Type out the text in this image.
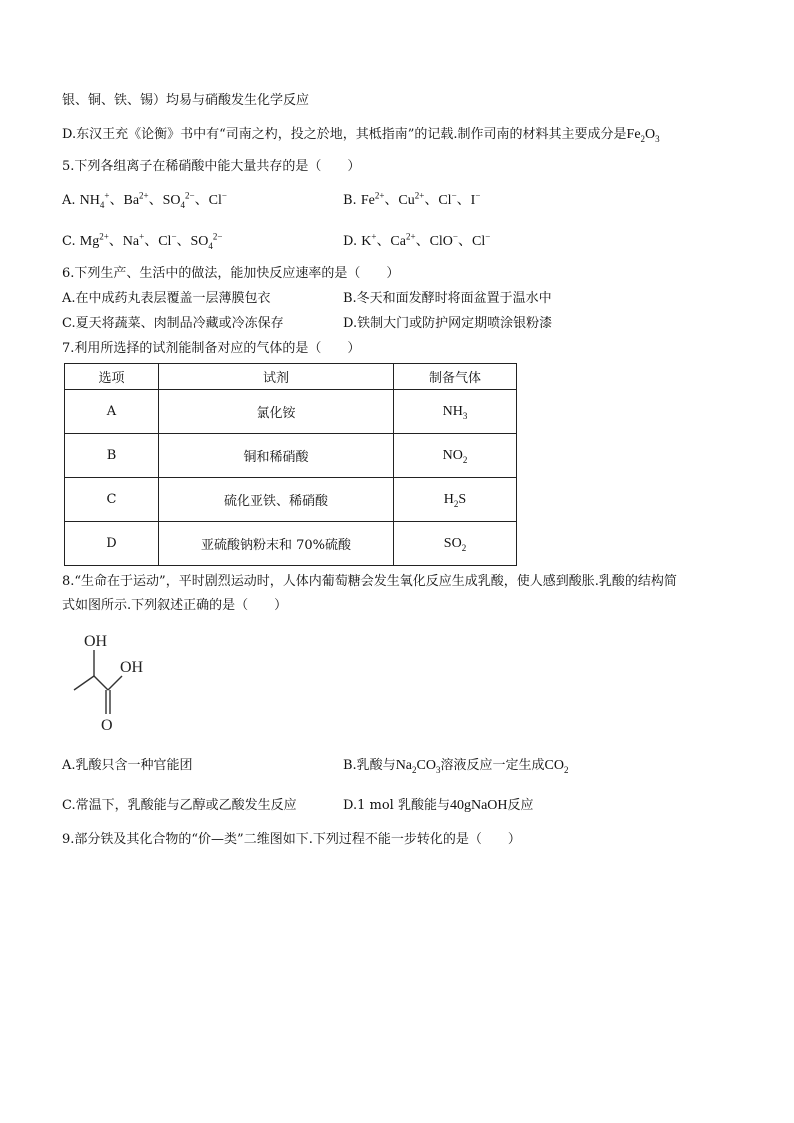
银、铜、铁、锡）均易与硝酸发生化学反应
D.东汉王充《论衡》书中有“司南之杓，投之於地，其柢指南”的记载.制作司南的材料其主要成分是$Fe_2O_3$
5.下列各组离子在稀硝酸中能大量共存的是（　　）
A. $NH_4^+$、$Ba^{2+}$、$SO_4^{2-}$、Cl−	B. $Fe^{2+}$、$Cu^{2+}$、Cl−、I−
C. $Mg^{2+}$、Na+、Cl−、$SO_4^{2-}$	D. K+、$Ca^{2+}$、ClO−、Cl−
6.下列生产、生活中的做法，能加快反应速率的是（　　）
A.在中成药丸表层覆盖一层薄膜包衣	B.冬天和面发酵时将面盆置于温水中
C.夏天将蔬菜、肉制品冷藏或冷冻保存	D.铁制大门或防护网定期喷涂银粉漆
7.利用所选择的试剂能制备对应的气体的是（　　）
选项	试剂	制备气体
A	氯化铵	$NH_3$
B	铜和稀硝酸	$NO_2$
C	硫化亚铁、稀硝酸	$H_2S$
D	亚硫酸钠粉末和 70%硫酸	$SO_2$
8.“生命在于运动”，平时剧烈运动时，人体内葡萄糖会发生氧化反应生成乳酸，使人感到酸胀.乳酸的结构简
式如图所示.下列叙述正确的是（　　）
OH
OH
O
A.乳酸只含一种官能团	B.乳酸与$Na_2CO_3$溶液反应一定生成$CO_2$
C.常温下，乳酸能与乙醇或乙酸发生反应	D.1 mol 乳酸能与40gNaOH反应
9.部分铁及其化合物的“价—类”二维图如下.下列过程不能一步转化的是（　　）
